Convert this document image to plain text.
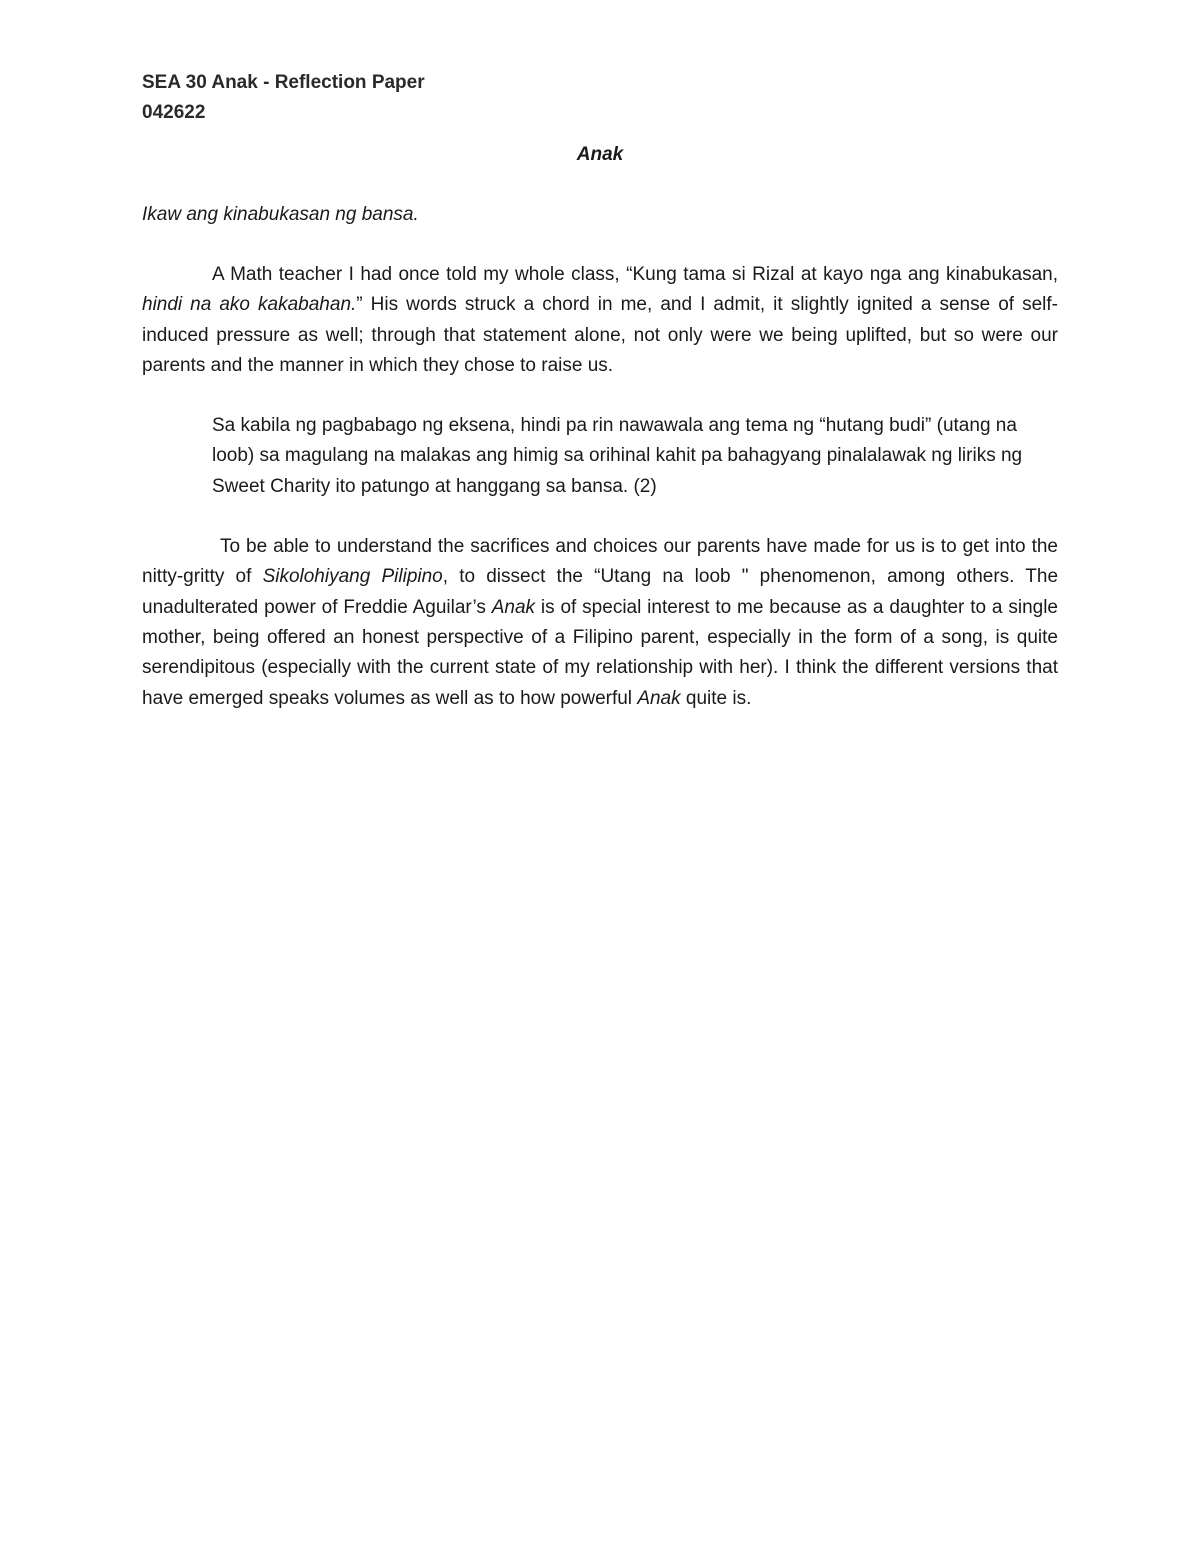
SEA 30 Anak - Reflection Paper
042622
Anak
Ikaw ang kinabukasan ng bansa.

A Math teacher I had once told my whole class, “Kung tama si Rizal at kayo nga ang kinabukasan, hindi na ako kakabahan.” His words struck a chord in me, and I admit, it slightly ignited a sense of self-induced pressure as well; through that statement alone, not only were we being uplifted, but so were our parents and the manner in which they chose to raise us.

Sa kabila ng pagbabago ng eksena, hindi pa rin nawawala ang tema ng “hutang budi” (utang na loob) sa magulang na malakas ang himig sa orihinal kahit pa bahagyang pinalalawak ng liriks ng Sweet Charity ito patungo at hanggang sa bansa. (2)

To be able to understand the sacrifices and choices our parents have made for us is to get into the nitty-gritty of Sikolohiyang Pilipino, to dissect the “Utang na loob " phenomenon, among others. The unadulterated power of Freddie Aguilar’s Anak is of special interest to me because as a daughter to a single mother, being offered an honest perspective of a Filipino parent, especially in the form of a song, is quite serendipitous (especially with the current state of my relationship with her). I think the different versions that have emerged speaks volumes as well as to how powerful Anak quite is.
